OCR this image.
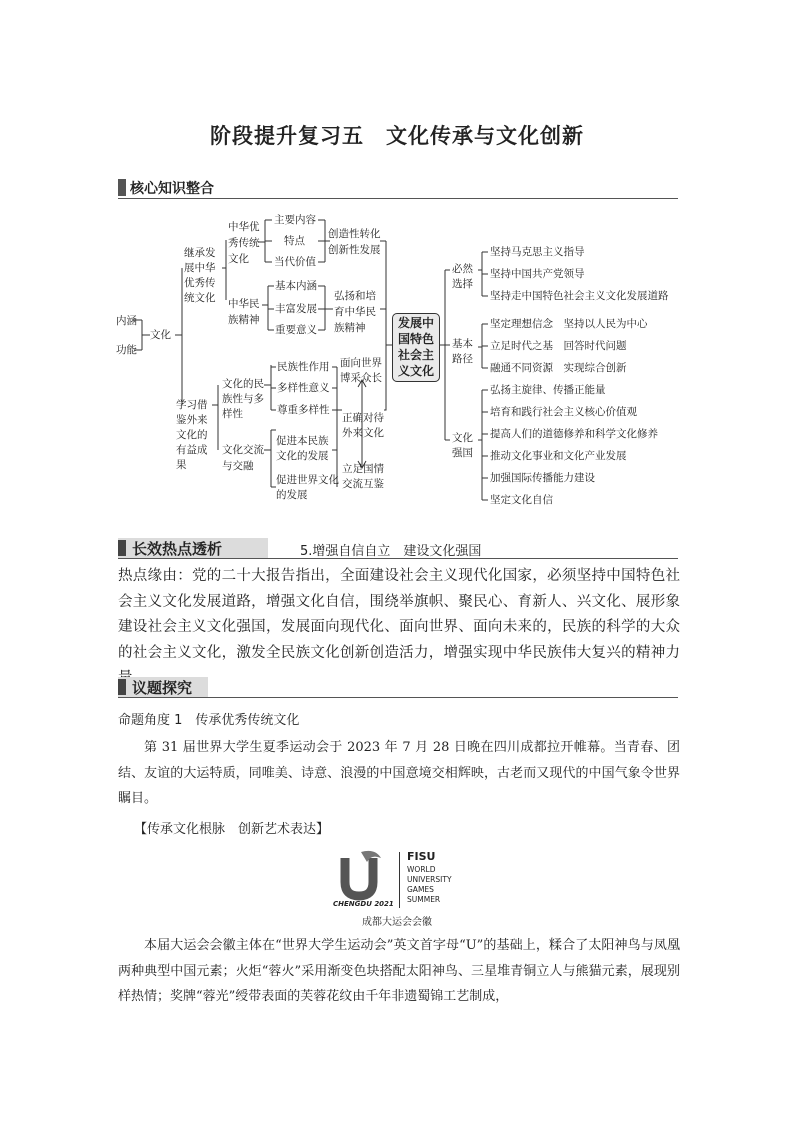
阶段提升复习五　文化传承与文化创新
核心知识整合
内涵
功能
文化
继承发展中华优秀传统文化
学习借鉴外来文化的有益成果
中华优秀传统文化
中华民族精神
主要内容
特点
当代价值
基本内涵
丰富发展
重要意义
创造性转化创新性发展
弘扬和培育中华民族精神
文化的民族性与多样性
民族性作用
多样性意义
尊重多样性
文化交流与交融
促进本民族文化的发展
促进世界文化的发展
面向世界博采众长
正确对待外来文化
立足国情交流互鉴
发展中国特色社会主义文化
必然选择
坚持马克思主义指导
坚持中国共产党领导
坚持走中国特色社会主义文化发展道路
基本路径
坚定理想信念　坚持以人民为中心
立足时代之基　回答时代问题
融通不同资源　实现综合创新
文化强国
弘扬主旋律、传播正能量
培育和践行社会主义核心价值观
提高人们的道德修养和科学文化修养
推动文化事业和文化产业发展
加强国际传播能力建设
坚定文化自信
长效热点透析	5.增强自信自立　建设文化强国
热点缘由：党的二十大报告指出，全面建设社会主义现代化国家，必须坚持中国特色社会主义文化发展道路，增强文化自信，围绕举旗帜、聚民心、育新人、兴文化、展形象建设社会主义文化强国，发展面向现代化、面向世界、面向未来的，民族的科学的大众的社会主义文化，激发全民族文化创新创造活力，增强实现中华民族伟大复兴的精神力
议题探究
命题角度 1　传承优秀传统文化
第 31 届世界大学生夏季运动会于 2023 年 7 月 28 日晚在四川成都拉开帷幕。当青春、团结、友谊的大运特质，同唯美、诗意、浪漫的中国意境交相辉映，古老而又现代的中国气象令世界瞩目。
【传承文化根脉　创新艺术表达】
CHENGDU 2021
FISU
WORLD
UNIVERSITY
GAMES
SUMMER
成都大运会会徽
本届大运会会徽主体在“世界大学生运动会”英文首字母“U”的基础上，糅合了太阳神鸟与凤凰两种典型中国元素；火炬“蓉火”采用渐变色块搭配太阳神鸟、三星堆青铜立人与熊猫元素，展现别样热情；奖牌“蓉光”绶带表面的芙蓉花纹由千年非遗蜀锦工艺制成，
